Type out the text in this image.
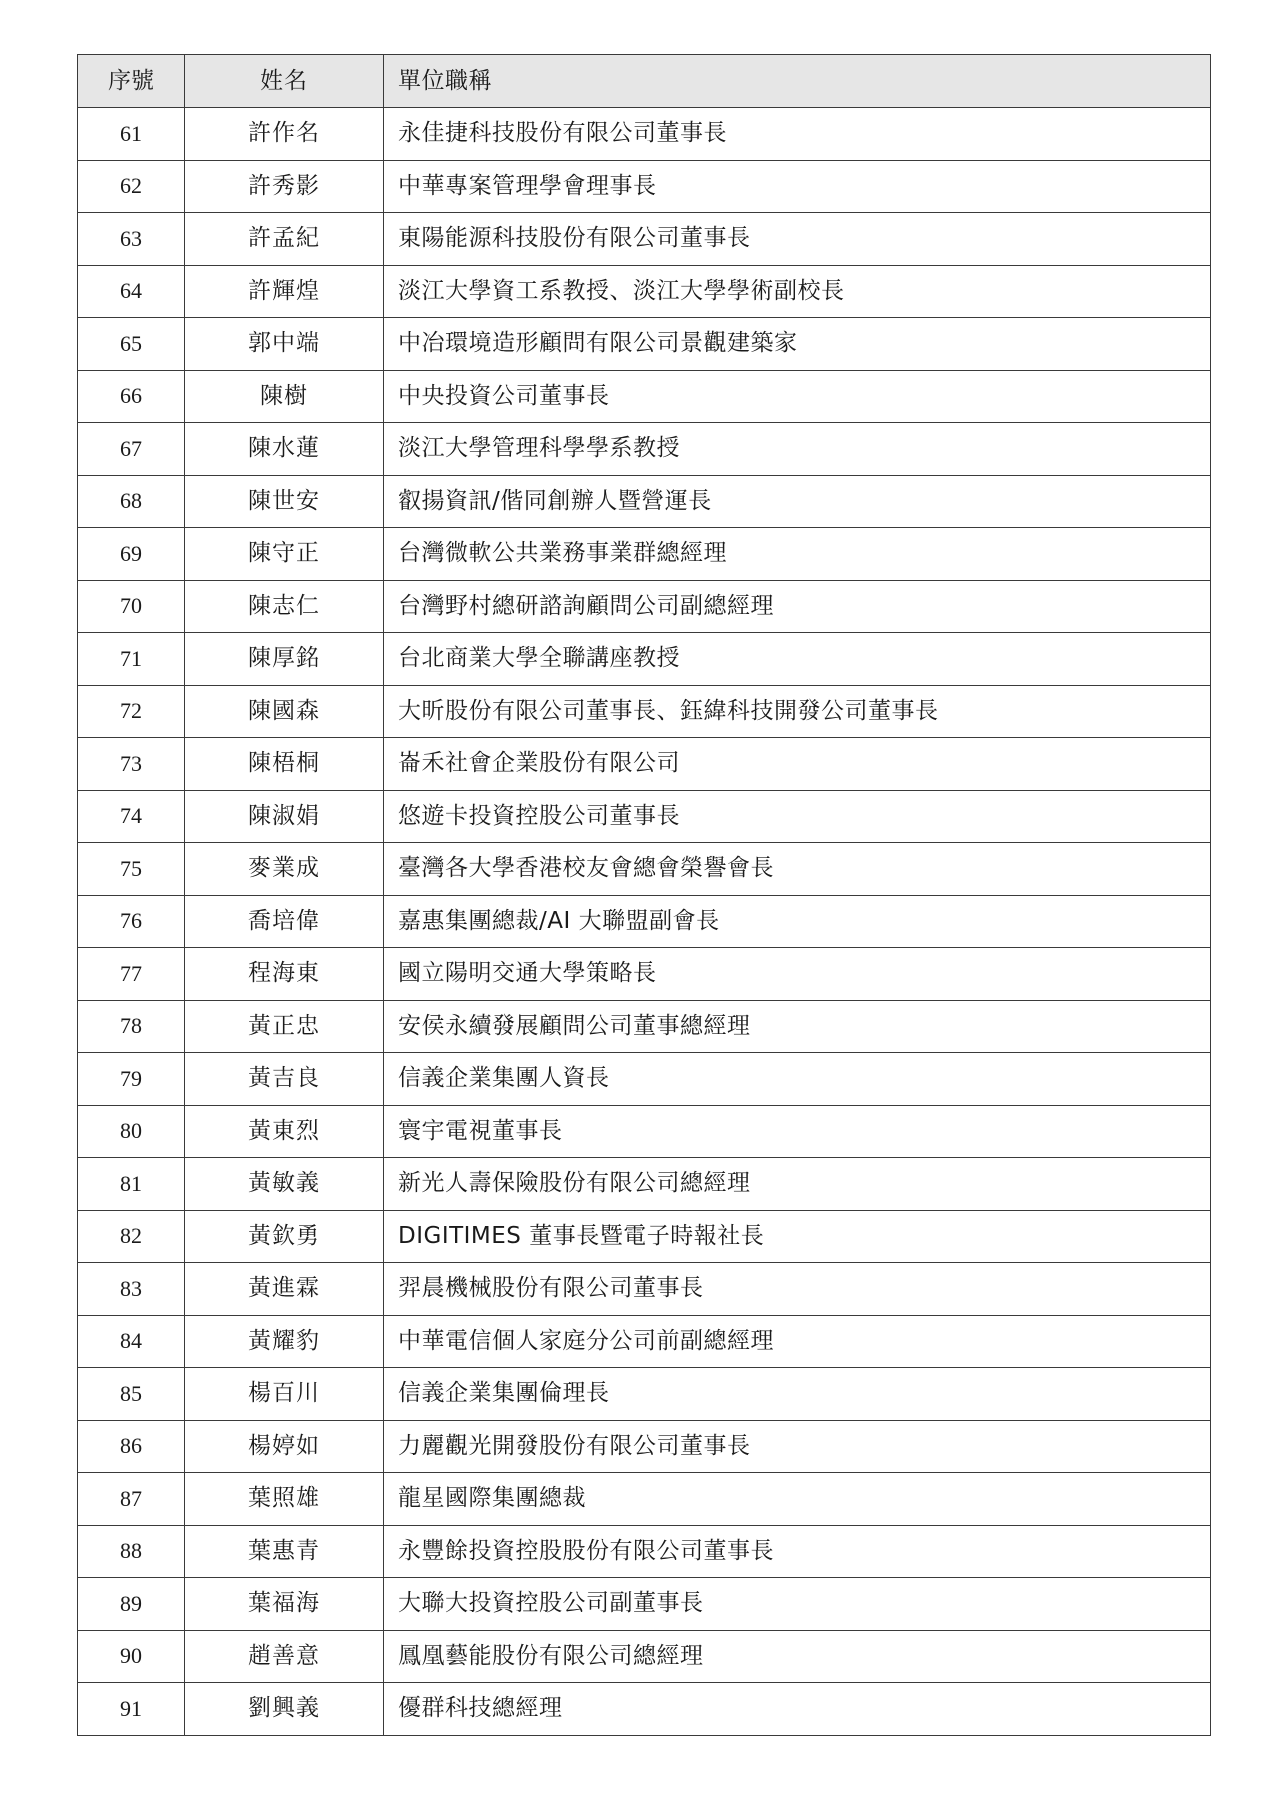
序號	姓名	單位職稱
61	許作名	永佳捷科技股份有限公司董事長
62	許秀影	中華專案管理學會理事長
63	許孟紀	東陽能源科技股份有限公司董事長
64	許輝煌	淡江大學資工系教授、淡江大學學術副校長
65	郭中端	中冶環境造形顧問有限公司景觀建築家
66	陳樹	中央投資公司董事長
67	陳水蓮	淡江大學管理科學學系教授
68	陳世安	叡揚資訊/偕同創辦人暨營運長
69	陳守正	台灣微軟公共業務事業群總經理
70	陳志仁	台灣野村總研諮詢顧問公司副總經理
71	陳厚銘	台北商業大學全聯講座教授
72	陳國森	大昕股份有限公司董事長、鈺緯科技開發公司董事長
73	陳梧桐	崙禾社會企業股份有限公司
74	陳淑娟	悠遊卡投資控股公司董事長
75	麥業成	臺灣各大學香港校友會總會榮譽會長
76	喬培偉	嘉惠集團總裁/AI 大聯盟副會長
77	程海東	國立陽明交通大學策略長
78	黃正忠	安侯永續發展顧問公司董事總經理
79	黃吉良	信義企業集團人資長
80	黃東烈	寰宇電視董事長
81	黃敏義	新光人壽保險股份有限公司總經理
82	黃欽勇	DIGITIMES 董事長暨電子時報社長
83	黃進霖	羿晨機械股份有限公司董事長
84	黃耀豹	中華電信個人家庭分公司前副總經理
85	楊百川	信義企業集團倫理長
86	楊婷如	力麗觀光開發股份有限公司董事長
87	葉照雄	龍星國際集團總裁
88	葉惠青	永豐餘投資控股股份有限公司董事長
89	葉福海	大聯大投資控股公司副董事長
90	趙善意	鳳凰藝能股份有限公司總經理
91	劉興義	優群科技總經理
